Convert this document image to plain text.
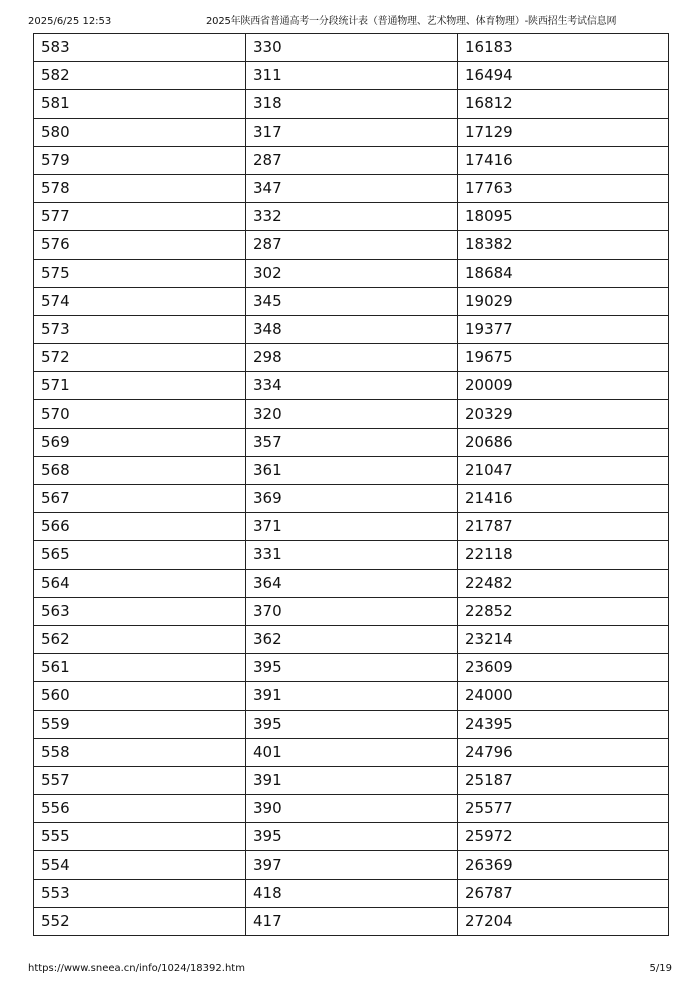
2025/6/25 12:53	2025年陕西省普通高考一分段统计表（普通物理、艺术物理、体育物理）-陕西招生考试信息网
583	330	16183
582	311	16494
581	318	16812
580	317	17129
579	287	17416
578	347	17763
577	332	18095
576	287	18382
575	302	18684
574	345	19029
573	348	19377
572	298	19675
571	334	20009
570	320	20329
569	357	20686
568	361	21047
567	369	21416
566	371	21787
565	331	22118
564	364	22482
563	370	22852
562	362	23214
561	395	23609
560	391	24000
559	395	24395
558	401	24796
557	391	25187
556	390	25577
555	395	25972
554	397	26369
553	418	26787
552	417	27204
https://www.sneea.cn/info/1024/18392.htm	5/19
